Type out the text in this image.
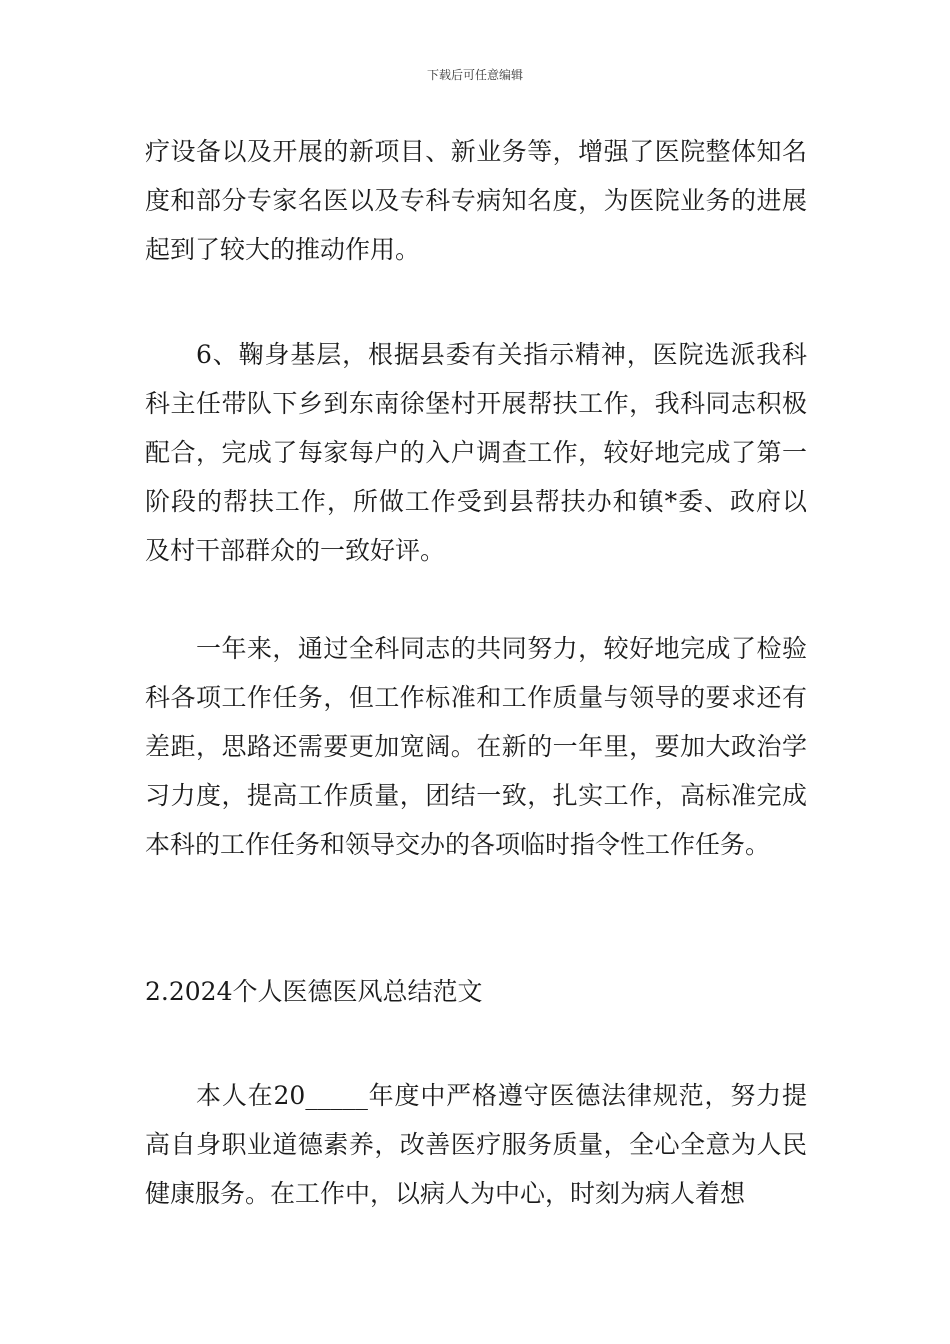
下载后可任意编辑

疗设备以及开展的新项目、新业务等，增强了医院整体知名度和部分专家名医以及专科专病知名度，为医院业务的进展起到了较大的推动作用。

6、鞠身基层，根据县委有关指示精神，医院选派我科科主任带队下乡到东南徐堡村开展帮扶工作，我科同志积极配合，完成了每家每户的入户调查工作，较好地完成了第一阶段的帮扶工作，所做工作受到县帮扶办和镇*委、政府以及村干部群众的一致好评。

一年来，通过全科同志的共同努力，较好地完成了检验科各项工作任务，但工作标准和工作质量与领导的要求还有差距，思路还需要更加宽阔。在新的一年里，要加大政治学习力度，提高工作质量，团结一致，扎实工作，高标准完成本科的工作任务和领导交办的各项临时指令性工作任务。

2.2024个人医德医风总结范文

本人在20_____年度中严格遵守医德法律规范，努力提高自身职业道德素养，改善医疗服务质量，全心全意为人民健康服务。在工作中，以病人为中心，时刻为病人着想
